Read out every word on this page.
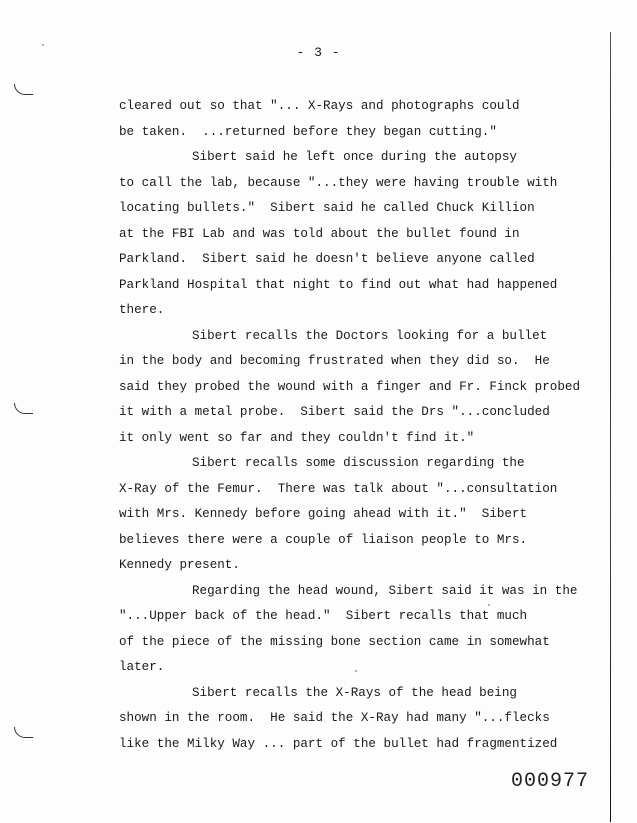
- 3 -
cleared out so that "... X-Rays and photographs could
be taken.  ...returned before they began cutting."
Sibert said he left once during the autopsy
to call the lab, because "...they were having trouble with
locating bullets."  Sibert said he called Chuck Killion
at the FBI Lab and was told about the bullet found in
Parkland.  Sibert said he doesn't believe anyone called
Parkland Hospital that night to find out what had happened
there.
Sibert recalls the Doctors looking for a bullet
in the body and becoming frustrated when they did so.  He
said they probed the wound with a finger and Fr. Finck probed
it with a metal probe.  Sibert said the Drs "...concluded
it only went so far and they couldn't find it."
Sibert recalls some discussion regarding the
X-Ray of the Femur.  There was talk about "...consultation
with Mrs. Kennedy before going ahead with it."  Sibert
believes there were a couple of liaison people to Mrs.
Kennedy present.
Regarding the head wound, Sibert said it was in the
"...Upper back of the head."  Sibert recalls that much
of the piece of the missing bone section came in somewhat
later.
Sibert recalls the X-Rays of the head being
shown in the room.  He said the X-Ray had many "...flecks
like the Milky Way ... part of the bullet had fragmentized
000977
